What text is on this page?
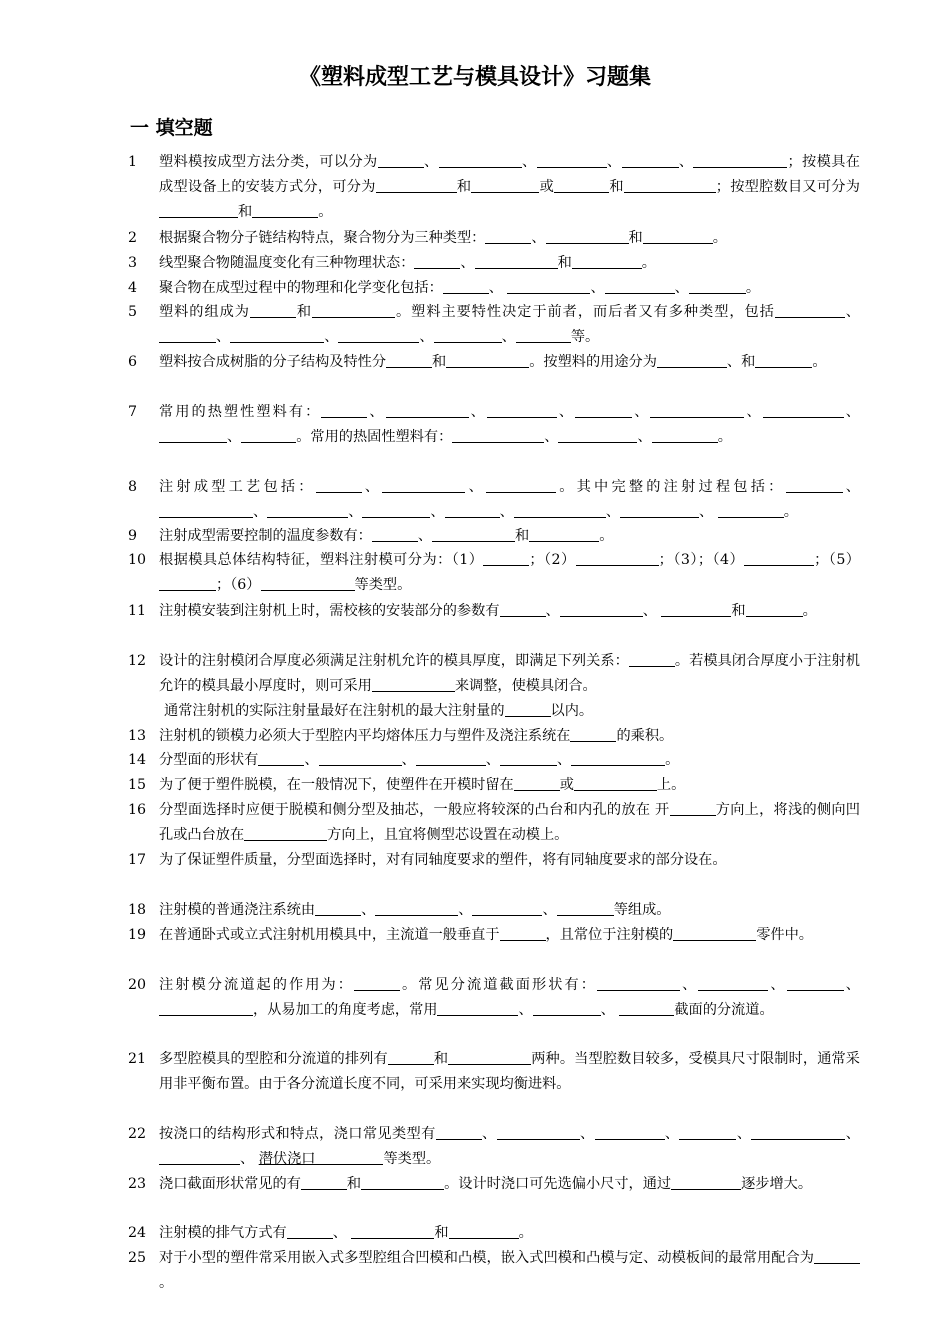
《塑料成型工艺与模具设计》习题集
一 填空题
1	塑料模按成型方法分类，可以分为	、	、	、	、	；按模具在成型设备上的安装方式分，可分为	和	或	和	；按型腔数目又可分为和	。
2	根据聚合物分子链结构特点，聚合物分为三种类型：	、	和	。
3	线型聚合物随温度变化有三种物理状态：	、	和	。
4	聚合物在成型过程中的物理和化学变化包括：	、	、	、	。
5	塑料的组成为	和	。塑料主要特性决定于前者，而后者又有多种类型，包括	、 、	、	、	、	等。
6	塑料按合成树脂的分子结构及特性分	和	。按塑料的用途分为	、和	。
7	常用的热塑性塑料有：	、	、	、	、	、	、、	。常用的热固性塑料有：	、	、	。
8	注射成型工艺包括：	、	、	。其中完整的注射过程包括：	、、	、	、	、	、	、	。
9	注射成型需要控制的温度参数有：	、	和	。
10 根据模具总体结构特征，塑料注射模可分为：（1）	；（2）	；（3）；（4）	；（5）；（6）	等类型。
11 注射模安装到注射机上时，需校核的安装部分的参数有	、	、	和	。
12 设计的注射模闭合厚度必须满足注射机允许的模具厚度，即满足下列关系：	。若模具闭合厚度小于注射机允许的模具最小厚度时，则可采用	来调整，使模具闭合。
通常注射机的实际注射量最好在注射机的最大注射量的	以内。
13 注射机的锁模力必须大于型腔内平均熔体压力与塑件及浇注系统在	的乘积。
14 分型面的形状有	、	、	、	、	。
15 为了便于塑件脱模，在一般情况下，使塑件在开模时留在	或	上。
16 分型面选择时应便于脱模和侧分型及抽芯，一般应将较深的凸台和内孔的放在 开	方向上，将浅的侧向凹孔或凸台放在	方向上，且宜将侧型芯设置在动模上。
17 为了保证塑件质量，分型面选择时，对有同轴度要求的塑件，将有同轴度要求的部分设在。
18 注射模的普通浇注系统由	、	、	、	等组成。
19 在普通卧式或立式注射机用模具中，主流道一般垂直于	，且常位于注射模的	零件中。
20 注射模分流道起的作用为：	。常见分流道截面形状有：	、	、	、，从易加工的角度考虑，常用	、	、	截面的分流道。
21 多型腔模具的型腔和分流道的排列有	和	两种。当型腔数目较多，受模具尺寸限制时，通常采用非平衡布置。由于各分流道长度不同，可采用来实现均衡进料。
22 按浇口的结构形式和特点，浇口常见类型有	、	、	、	、	、、 潜伏浇口	等类型。
23 浇口截面形状常见的有	和	。设计时浇口可先选偏小尺寸，通过	逐步增大。
24 注射模的排气方式有	、	和	。
25 对于小型的塑件常采用嵌入式多型腔组合凹模和凸模，嵌入式凹模和凸模与定、动模板间的最常用配合为。
